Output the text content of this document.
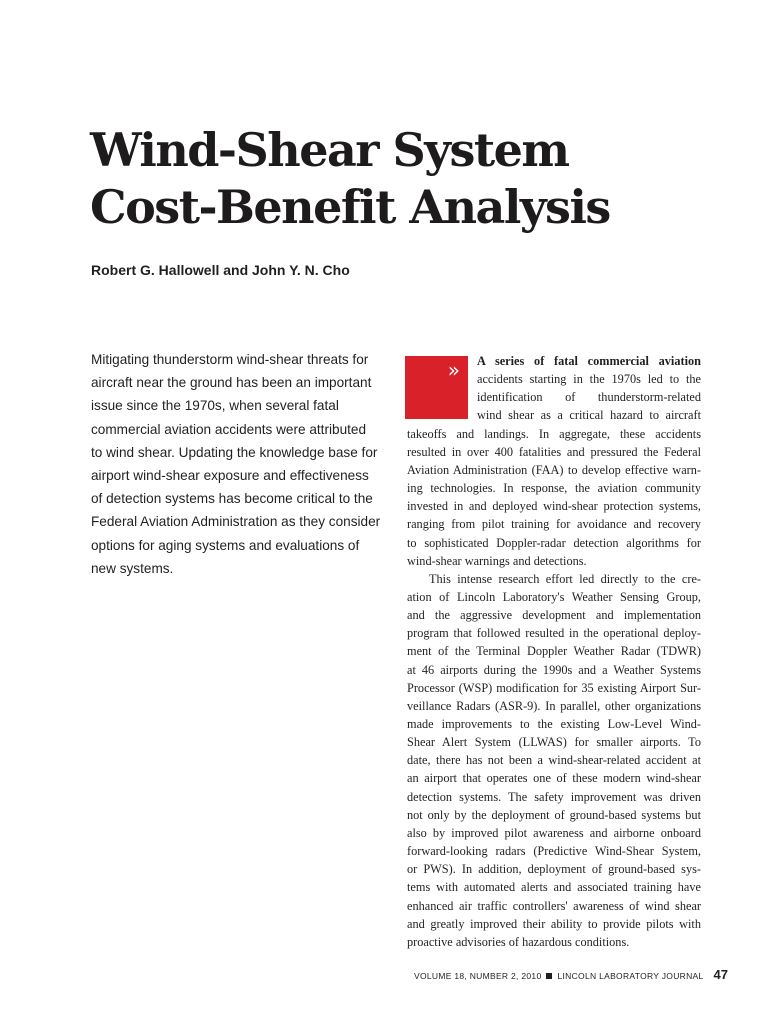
Wind-Shear System
Cost-Benefit Analysis
Robert G. Hallowell and John Y. N. Cho
Mitigating thunderstorm wind-shear threats for
aircraft near the ground has been an important
issue since the 1970s, when several fatal
commercial aviation accidents were attributed
to wind shear. Updating the knowledge base for
airport wind-shear exposure and effectiveness
of detection systems has become critical to the
Federal Aviation Administration as they consider
options for aging systems and evaluations of
new systems.
» A series of fatal commercial aviation
accidents starting in the 1970s led to the
identification of thunderstorm-related
wind shear as a critical hazard to aircraft
takeoffs and landings. In aggregate, these accidents
resulted in over 400 fatalities and pressured the Federal
Aviation Administration (FAA) to develop effective warn-
ing technologies. In response, the aviation community
invested in and deployed wind-shear protection systems,
ranging from pilot training for avoidance and recovery
to sophisticated Doppler-radar detection algorithms for
wind-shear warnings and detections.
This intense research effort led directly to the cre-
ation of Lincoln Laboratory's Weather Sensing Group,
and the aggressive development and implementation
program that followed resulted in the operational deploy-
ment of the Terminal Doppler Weather Radar (TDWR)
at 46 airports during the 1990s and a Weather Systems
Processor (WSP) modification for 35 existing Airport Sur-
veillance Radars (ASR-9). In parallel, other organizations
made improvements to the existing Low-Level Wind-
Shear Alert System (LLWAS) for smaller airports. To
date, there has not been a wind-shear-related accident at
an airport that operates one of these modern wind-shear
detection systems. The safety improvement was driven
not only by the deployment of ground-based systems but
also by improved pilot awareness and airborne onboard
forward-looking radars (Predictive Wind-Shear System,
or PWS). In addition, deployment of ground-based sys-
tems with automated alerts and associated training have
enhanced air traffic controllers' awareness of wind shear
and greatly improved their ability to provide pilots with
proactive advisories of hazardous conditions.
VOLUME 18, NUMBER 2, 2010 LINCOLN LABORATORY JOURNAL 47
